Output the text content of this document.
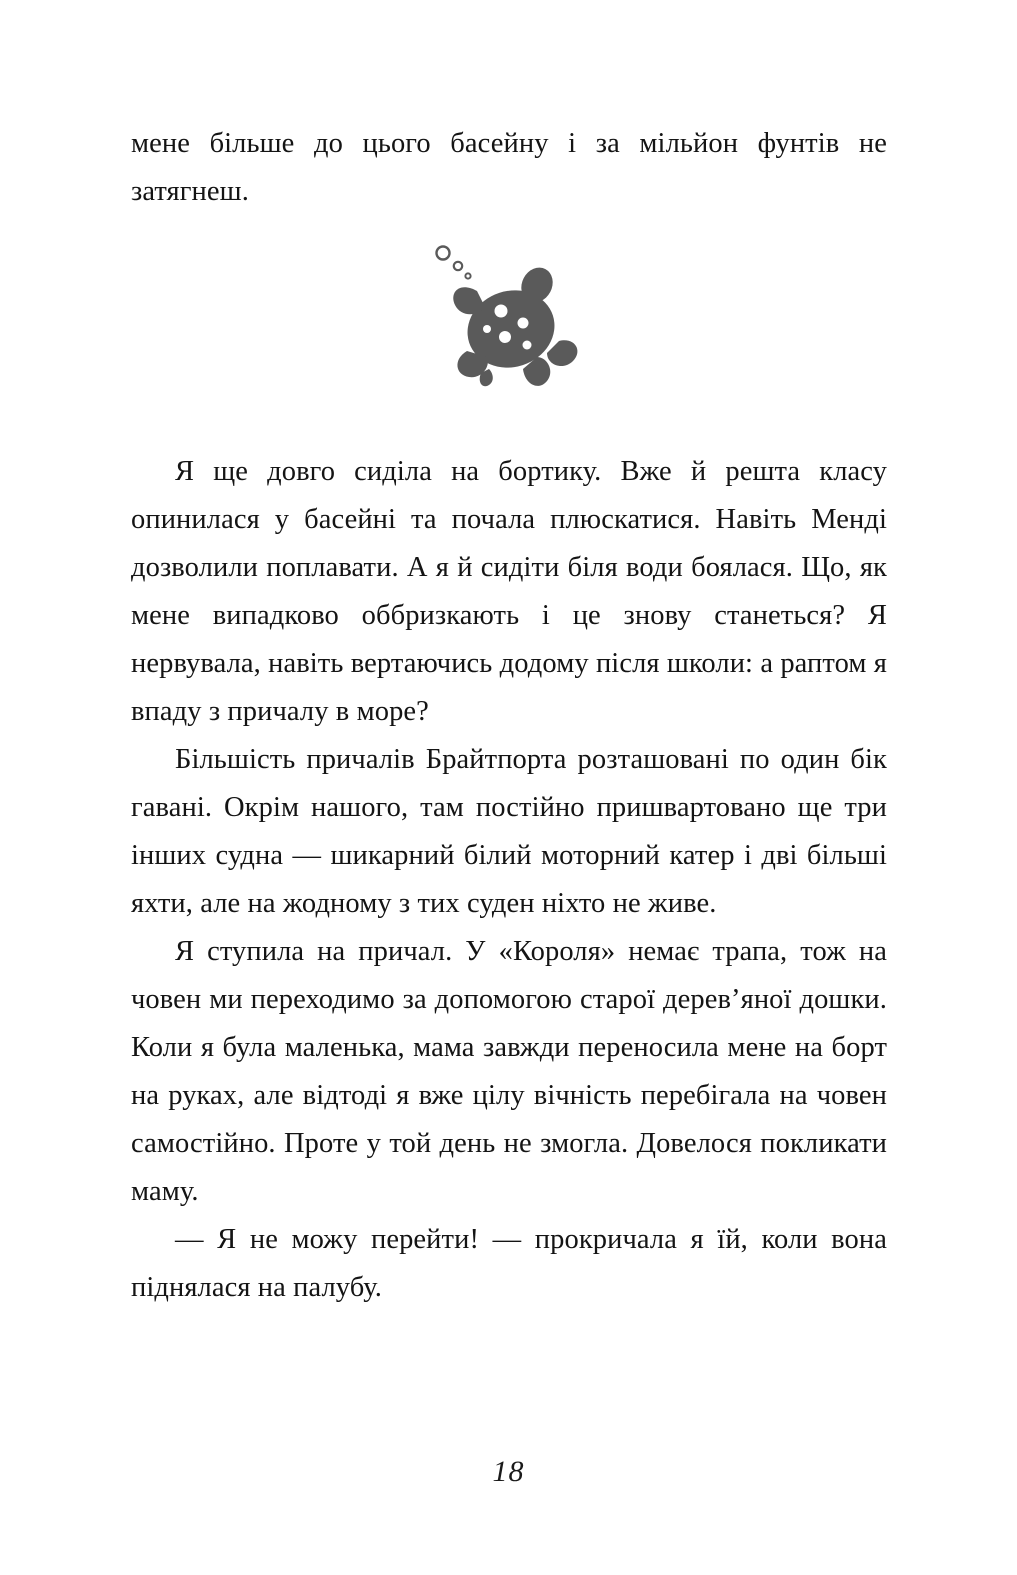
мене більше до цього басейну і за мільйон фунтів не затягнеш.

Я ще довго сиділа на бортику. Вже й решта класу опинилася у басейні та почала плюскатися. Навіть Менді дозволили поплавати. А я й сидіти біля води боялася. Що, як мене випадково оббризкають і це знову станеться? Я нервувала, навіть вертаючись додому після школи: а раптом я впаду з причалу в море?

Більшість причалів Брайтпорта розташовані по один бік гавані. Окрім нашого, там постійно пришвартовано ще три інших судна — шикарний білий моторний катер і дві більші яхти, але на жодному з тих суден ніхто не живе.

Я ступила на причал. У «Короля» немає трапа, тож на човен ми переходимо за допомогою старої дерев’яної дошки. Коли я була маленька, мама завжди переносила мене на борт на руках, але відтоді я вже цілу вічність перебігала на човен самостійно. Проте у той день не змогла. Довелося покликати маму.

— Я не можу перейти! — прокричала я їй, коли вона піднялася на палубу.

18
